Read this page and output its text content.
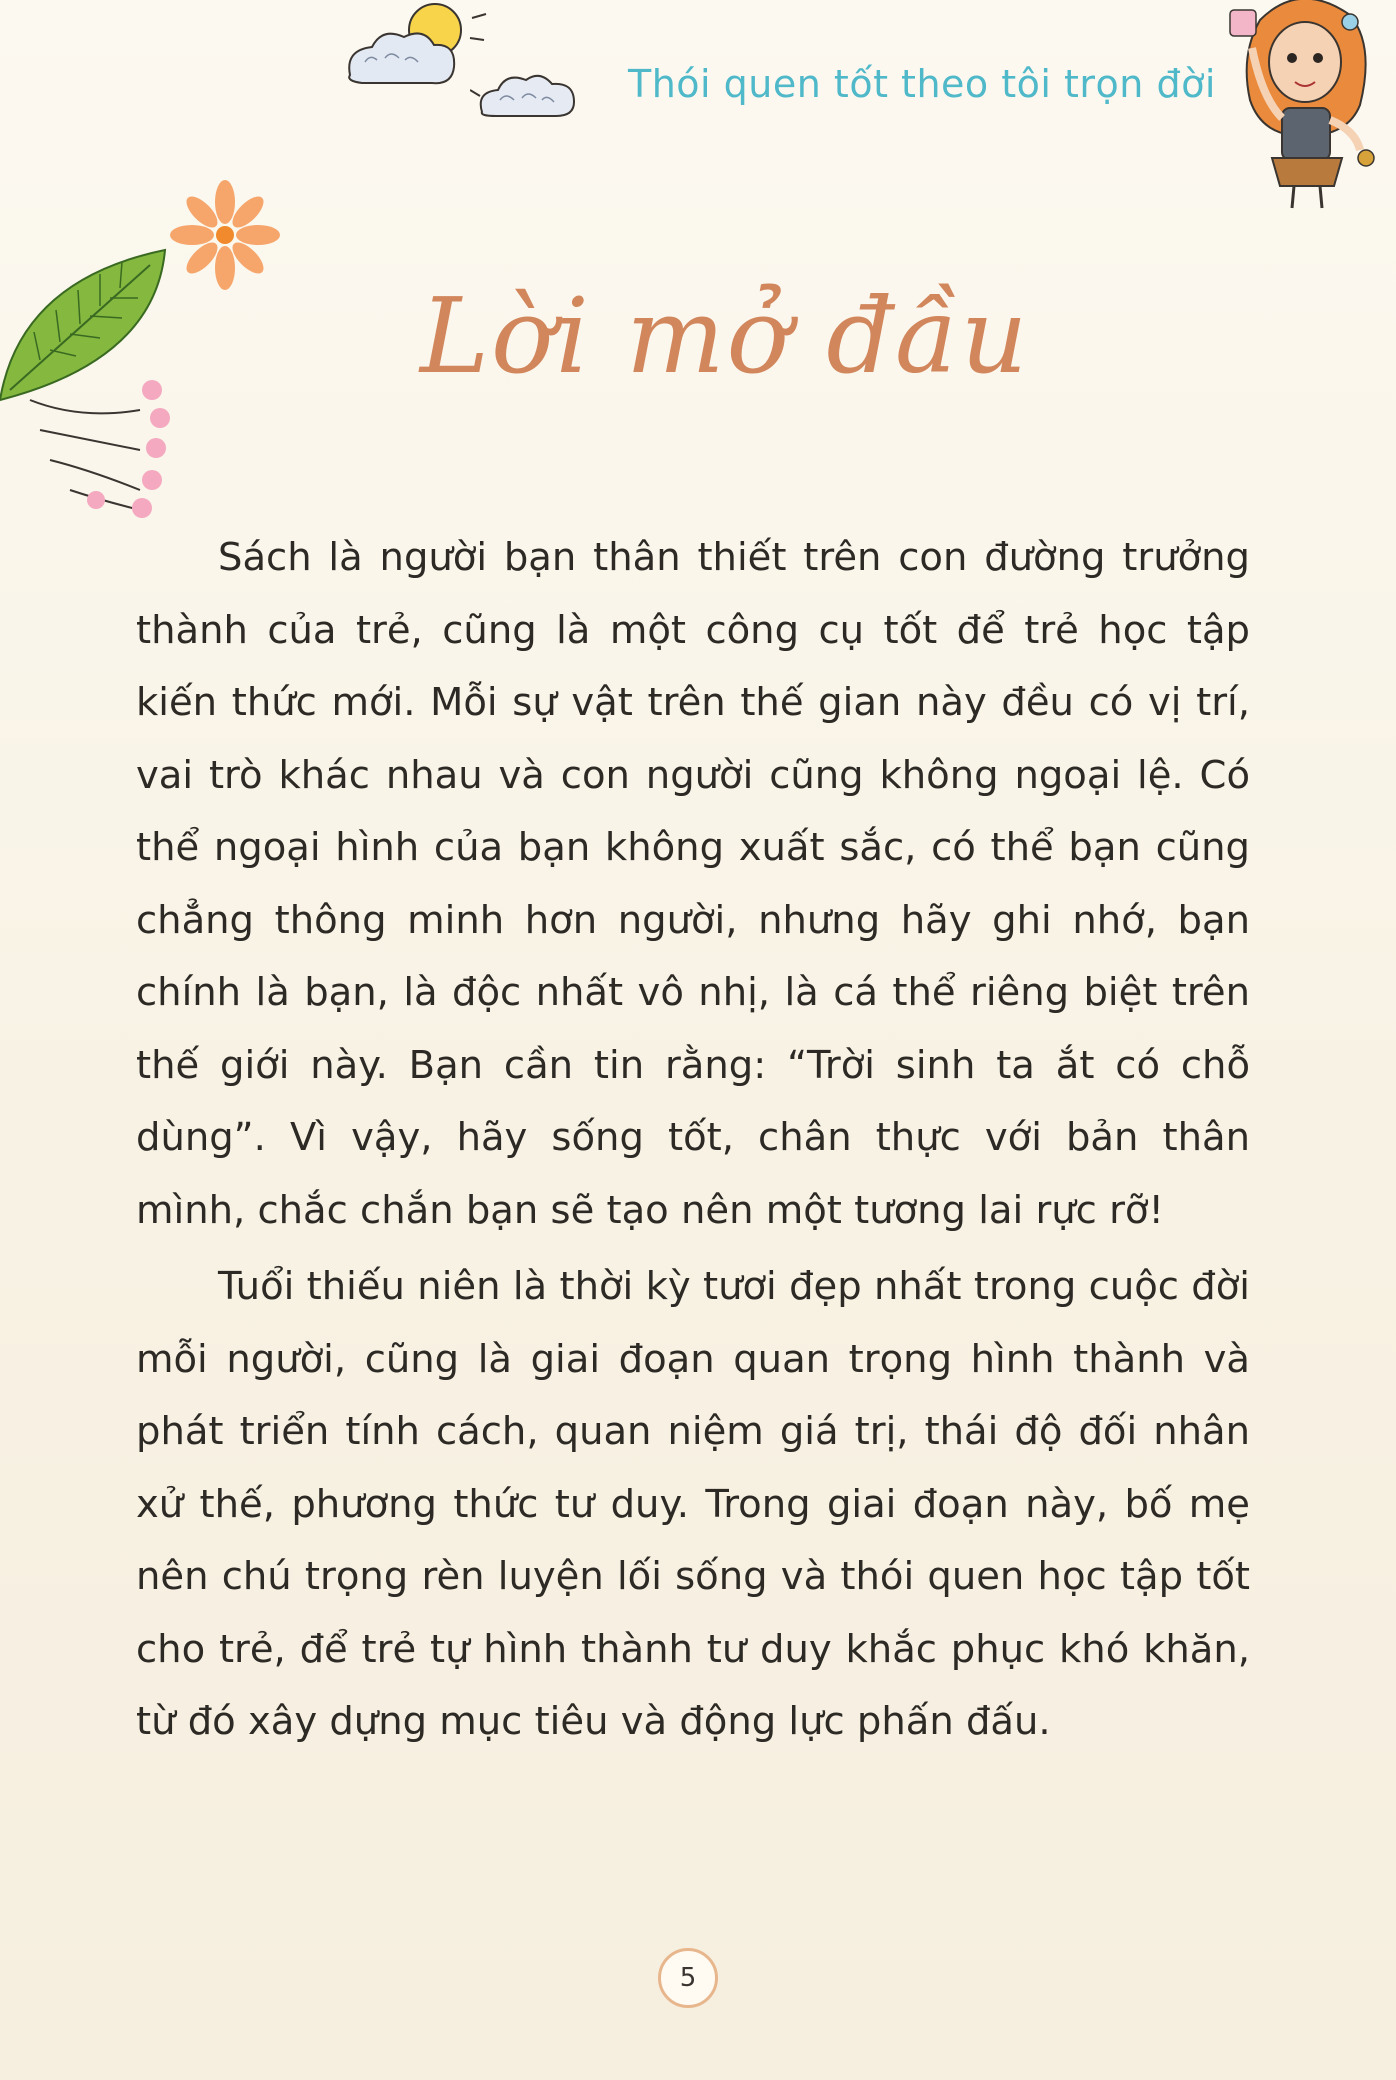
Thói quen tốt theo tôi trọn đời
Lời mở đầu

Sách là người bạn thân thiết trên con đường trưởng thành của trẻ, cũng là một công cụ tốt để trẻ học tập kiến thức mới. Mỗi sự vật trên thế gian này đều có vị trí, vai trò khác nhau và con người cũng không ngoại lệ. Có thể ngoại hình của bạn không xuất sắc, có thể bạn cũng chẳng thông minh hơn người, nhưng hãy ghi nhớ, bạn chính là bạn, là độc nhất vô nhị, là cá thể riêng biệt trên thế giới này. Bạn cần tin rằng: “Trời sinh ta ắt có chỗ dùng”. Vì vậy, hãy sống tốt, chân thực với bản thân mình, chắc chắn bạn sẽ tạo nên một tương lai rực rỡ!

Tuổi thiếu niên là thời kỳ tươi đẹp nhất trong cuộc đời mỗi người, cũng là giai đoạn quan trọng hình thành và phát triển tính cách, quan niệm giá trị, thái độ đối nhân xử thế, phương thức tư duy. Trong giai đoạn này, bố mẹ nên chú trọng rèn luyện lối sống và thói quen học tập tốt cho trẻ, để trẻ tự hình thành tư duy khắc phục khó khăn, từ đó xây dựng mục tiêu và động lực phấn đấu.

5
